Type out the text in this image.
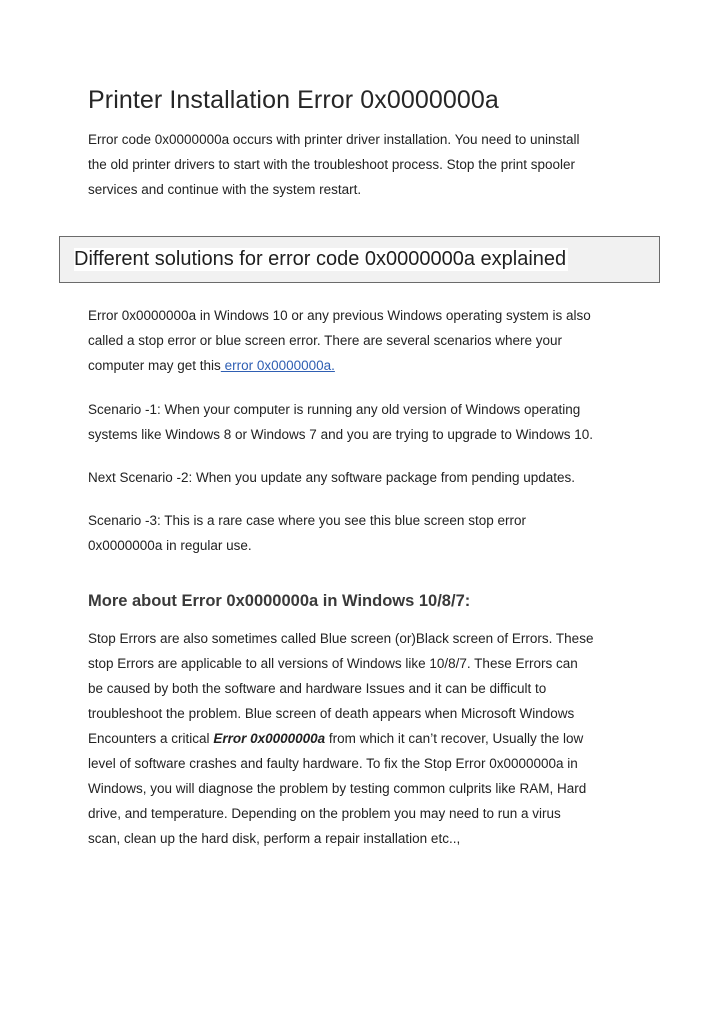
Printer Installation Error 0x0000000a
Error code 0x0000000a occurs with printer driver installation. You need to uninstall
the old printer drivers to start with the troubleshoot process. Stop the print spooler
services and continue with the system restart.
Different solutions for error code 0x0000000a explained
Error 0x0000000a in Windows 10 or any previous Windows operating system is also
called a stop error or blue screen error. There are several scenarios where your
computer may get this error 0x0000000a.
Scenario -1: When your computer is running any old version of Windows operating
systems like Windows 8 or Windows 7 and you are trying to upgrade to Windows 10.
Next Scenario -2: When you update any software package from pending updates.
Scenario -3: This is a rare case where you see this blue screen stop error
0x0000000a in regular use.
More about Error 0x0000000a in Windows 10/8/7:
Stop Errors are also sometimes called Blue screen (or)Black screen of Errors. These
stop Errors are applicable to all versions of Windows like 10/8/7. These Errors can
be caused by both the software and hardware Issues and it can be difficult to
troubleshoot the problem. Blue screen of death appears when Microsoft Windows
Encounters a critical Error 0x0000000a from which it can’t recover, Usually the low
level of software crashes and faulty hardware. To fix the Stop Error 0x0000000a in
Windows, you will diagnose the problem by testing common culprits like RAM, Hard
drive, and temperature. Depending on the problem you may need to run a virus
scan, clean up the hard disk, perform a repair installation etc..,
